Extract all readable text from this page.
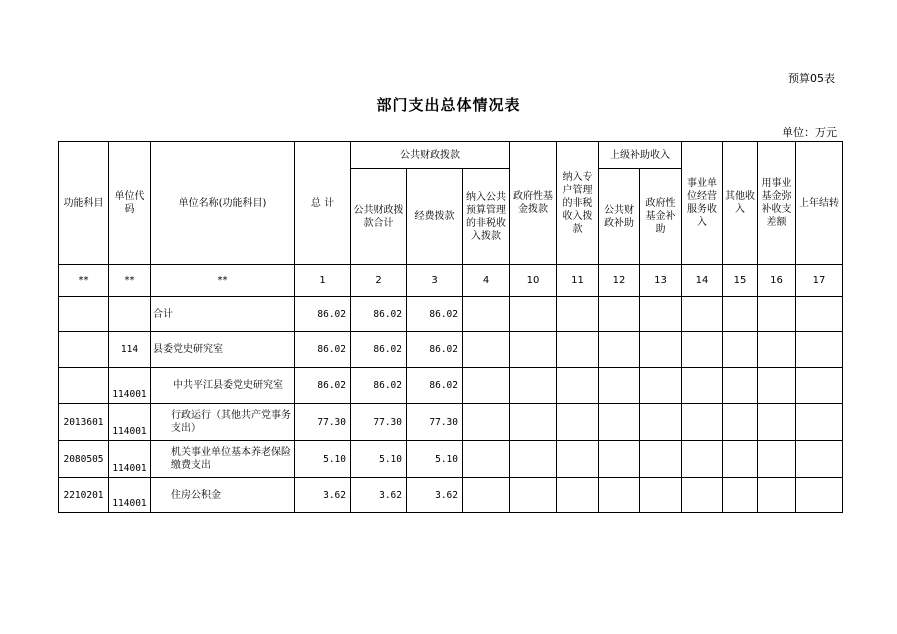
预算05表
部门支出总体情况表
单位：万元
功能科目	单位代码	单位名称(功能科目)	总 计	公共财政拨款			政府性基金拨款	纳入专户管理的非税收入拨款	上级补助收入		事业单位经营服务收入	其他收入	用事业基金弥补收支差额	上年结转
				公共财政拨款合计	经费拨款	纳入公共预算管理的非税收入拨款			公共财政补助	政府性基金补助				
**	**	**	1	2	3	4	10	11	12	13	14	15	16	17
		合计	86.02	86.02	86.02									
	114	县委党史研究室	86.02	86.02	86.02									
	114001	中共平江县委党史研究室	86.02	86.02	86.02									
2013601	114001	行政运行（其他共产党事务支出）	77.30	77.30	77.30									
2080505	114001	机关事业单位基本养老保险缴费支出	5.10	5.10	5.10									
2210201	114001	住房公积金	3.62	3.62	3.62									
